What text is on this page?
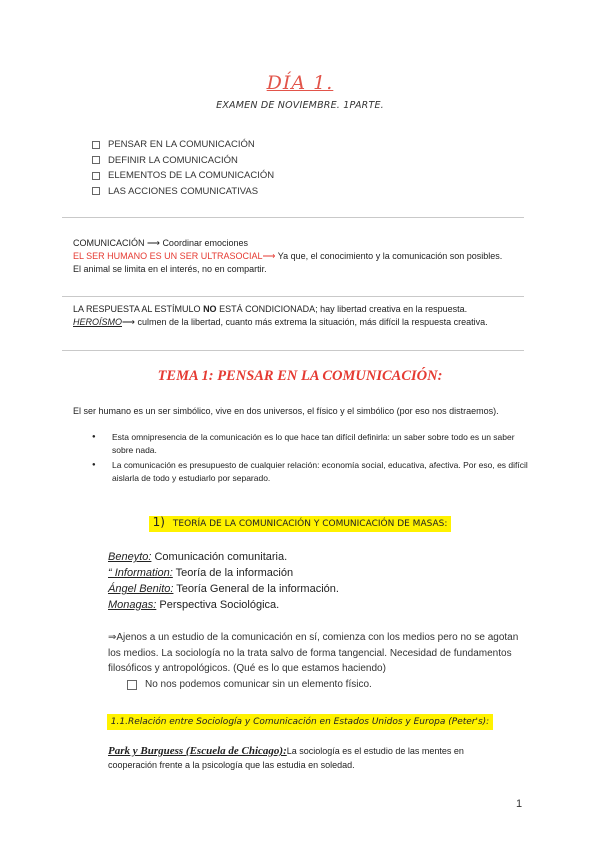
DÍA 1.
EXAMEN DE NOVIEMBRE. 1PARTE.
PENSAR EN LA COMUNICACIÓN
DEFINIR LA COMUNICACIÓN
ELEMENTOS DE LA COMUNICACIÓN
LAS ACCIONES COMUNICATIVAS
COMUNICACIÓN ⟶ Coordinar emociones
EL SER HUMANO ES UN SER ULTRASOCIAL⟶ Ya que, el conocimiento y la comunicación son posibles.
El animal se limita en el interés, no en compartir.
LA RESPUESTA AL ESTÍMULO NO ESTÁ CONDICIONADA; hay libertad creativa en la respuesta.
HEROÍSMO⟶ culmen de la libertad, cuanto más extrema la situación, más difícil la respuesta creativa.
TEMA 1: PENSAR EN LA COMUNICACIÓN:
El ser humano es un ser simbólico, vive en dos universos, el físico y el simbólico (por eso nos distraemos).
● Esta omnipresencia de la comunicación es lo que hace tan difícil definirla: un saber sobre todo es un saber sobre nada.
● La comunicación es presupuesto de cualquier relación: economía social, educativa, afectiva. Por eso, es difícil aislarla de todo y estudiarlo por separado.
1) TEORÍA DE LA COMUNICACIÓN Y COMUNICACIÓN DE MASAS:
Beneyto: Comunicación comunitaria.
“ Information: Teoría de la información
Ángel Benito: Teoría General de la información.
Monagas: Perspectiva Sociológica.
⇒Ajenos a un estudio de la comunicación en sí, comienza con los medios pero no se agotan
los medios. La sociología no la trata salvo de forma tangencial. Necesidad de fundamentos
filosóficos y antropológicos. (Qué es lo que estamos haciendo)
No nos podemos comunicar sin un elemento físico.
1.1.Relación entre Sociología y Comunicación en Estados Unidos y Europa (Peter's):
Park y Burguess (Escuela de Chicago):La sociología es el estudio de las mentes en
cooperación frente a la psicología que las estudia en soledad.
1
